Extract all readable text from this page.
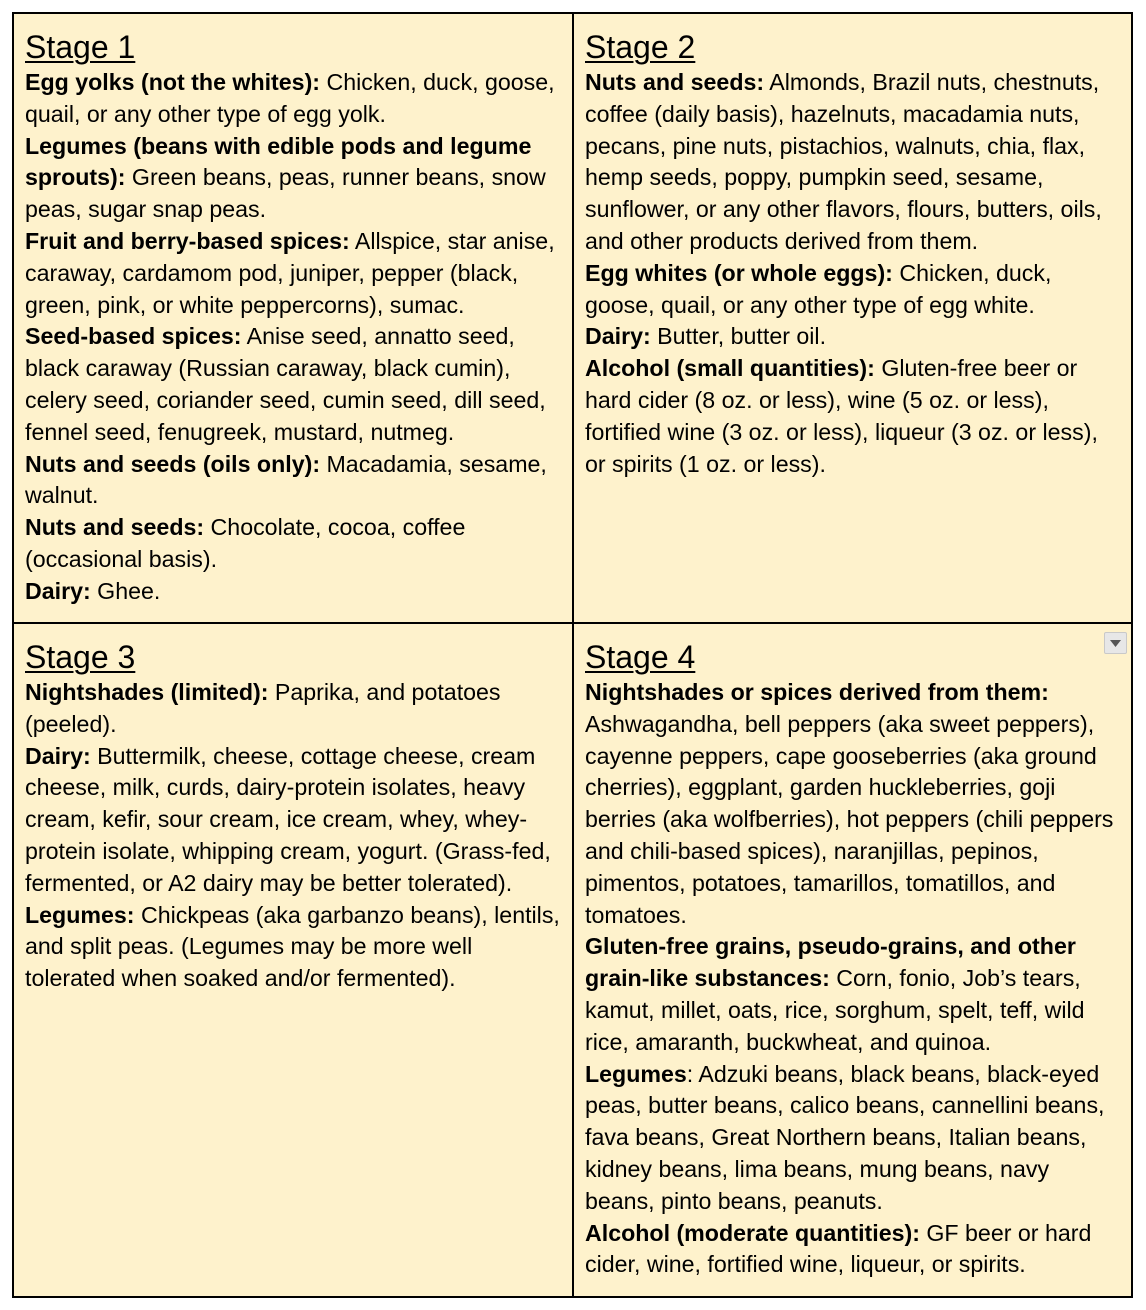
Stage 1

Egg yolks (not the whites): Chicken, duck, goose, quail, or any other type of egg yolk.

Legumes (beans with edible pods and legume sprouts): Green beans, peas, runner beans, snow peas, sugar snap peas.

Fruit and berry-based spices: Allspice, star anise, caraway, cardamom pod, juniper, pepper (black, green, pink, or white peppercorns), sumac.

Seed-based spices: Anise seed, annatto seed, black caraway (Russian caraway, black cumin), celery seed, coriander seed, cumin seed, dill seed, fennel seed, fenugreek, mustard, nutmeg.

Nuts and seeds (oils only): Macadamia, sesame, walnut.

Nuts and seeds: Chocolate, cocoa, coffee (occasional basis).

Dairy: Ghee.

Stage 2

Nuts and seeds: Almonds, Brazil nuts, chestnuts, coffee (daily basis), hazelnuts, macadamia nuts, pecans, pine nuts, pistachios, walnuts, chia, flax, hemp seeds, poppy, pumpkin seed, sesame, sunflower, or any other flavors, flours, butters, oils, and other products derived from them.

Egg whites (or whole eggs): Chicken, duck, goose, quail, or any other type of egg white.

Dairy: Butter, butter oil.

Alcohol (small quantities): Gluten-free beer or hard cider (8 oz. or less), wine (5 oz. or less), fortified wine (3 oz. or less), liqueur (3 oz. or less), or spirits (1 oz. or less).

Stage 3

Nightshades (limited): Paprika, and potatoes (peeled).

Dairy: Buttermilk, cheese, cottage cheese, cream cheese, milk, curds, dairy-protein isolates, heavy cream, kefir, sour cream, ice cream, whey, whey-protein isolate, whipping cream, yogurt. (Grass-fed, fermented, or A2 dairy may be better tolerated).

Legumes: Chickpeas (aka garbanzo beans), lentils, and split peas. (Legumes may be more well tolerated when soaked and/or fermented).

Stage 4

Nightshades or spices derived from them: Ashwagandha, bell peppers (aka sweet peppers), cayenne peppers, cape gooseberries (aka ground cherries), eggplant, garden huckleberries, goji berries (aka wolfberries), hot peppers (chili peppers and chili-based spices), naranjillas, pepinos, pimentos, potatoes, tamarillos, tomatillos, and tomatoes.

Gluten-free grains, pseudo-grains, and other grain-like substances: Corn, fonio, Job’s tears, kamut, millet, oats, rice, sorghum, spelt, teff, wild rice, amaranth, buckwheat, and quinoa.

Legumes: Adzuki beans, black beans, black-eyed peas, butter beans, calico beans, cannellini beans, fava beans, Great Northern beans, Italian beans, kidney beans, lima beans, mung beans, navy beans, pinto beans, peanuts.

Alcohol (moderate quantities): GF beer or hard cider, wine, fortified wine, liqueur, or spirits.
